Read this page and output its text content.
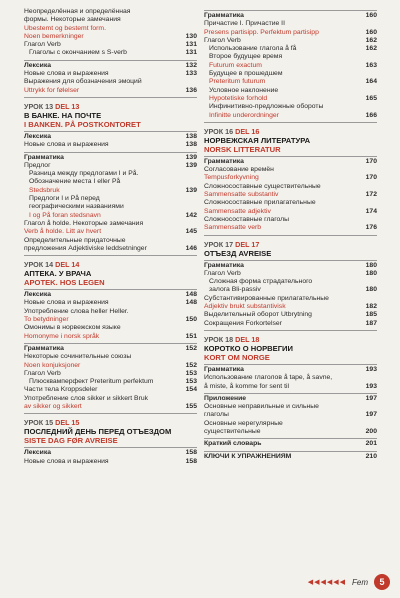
Неопределённая и определённая
формы. Некоторые замечания
Ubestemt og bestemt form.
Noen bemerkninger	130
Глагол Verb	131
Глаголы с окончанием s S-verb	131
Лексика	132
Новые слова и выражения	133
Выражения для обозначения эмоций
Uttrykk for følelser	136
УРОК 13 DEL 13
В БАНКЕ. НА ПОЧТЕ
I BANKEN. PÅ POSTKONTORET
Лексика	138
Новые слова и выражения	138
Грамматика	139
Предлог	139
Разница между предлогами I и På.
Обозначение места I eller På
Stedsbruk	139
Предлоги I и På перед
географическими названиями
I og På foran stedsnavn	142
Глагол å holde. Некоторые замечания
Verb å holde. Litt av hvert	145
Определительные придаточные
предложения Adjektiviske leddsetninger	146
УРОК 14 DEL 14
АПТЕКА. У ВРАЧА
APOTEK. HOS LEGEN
Лексика	148
Новые слова и выражения	148
Употребление слова heller Heller.
To betydninger	150
Омонимы в норвежском языке
Homonyme i norsk språk	151
Грамматика	152
Некоторые сочинительные союзы
Noen konjuksjoner	152
Глагол Verb	153
Плюсквамперфект Preteritum perfektum	153
Части тела Kroppsdeler	154
Употребление слов sikker и sikkert Bruk
av sikker og sikkert	155
УРОК 15 DEL 15
ПОСЛЕДНИЙ ДЕНЬ ПЕРЕД ОТЪЕЗДОМ
SISTE DAG FØR AVREISE
Лексика	158
Новые слова и выражения	158
Грамматика	160
Причастие I. Причастие II
Presens partisipp. Perfektum partisipp	160
Глагол Verb	162
Использование глагола å få	162
Второе будущее время
Futurum exactum	163
Будущее в прошедшем
Preteritum futurum	164
Условное наклонение
Hypotetiske forhold	165
Инфинитивно-предложные обороты
Infinitte underordninger	166
УРОК 16 DEL 16
НОРВЕЖСКАЯ ЛИТЕРАТУРА
NORSK LITTERATUR
Грамматика	170
Согласование времён
Tempusforkyvning	170
Сложносоставные существительные
Sammensatte substantiv	172
Сложносоставные прилагательные
Sammensatte adjektiv	174
Сложносоставные глаголы
Sammensatte verb	176
УРОК 17 DEL 17
ОТЪЕЗД AVREISE
Грамматика	180
Глагол Verb	180
Сложная форма страдательного
залога Bli-passiv	180
Субстантивированные прилагательные
Adjektiv brukt substantivisk	182
Выделительный оборот Utbrytning	185
Сокращения Forkortelser	187
УРОК 18 DEL 18
КОРОТКО О НОРВЕГИИ
KORT OM NORGE
Грамматика	193
Использование глаголов å tape, å savne,
å miste, å komme for sent til	193
Приложение	197
Основные неправильные и сильные
глаголы	197
Основные нерегулярные
существительные	200
Краткий словарь	201
КЛЮЧИ К УПРАЖНЕНИЯМ	210
◀◀◀◀◀◀ Fem	5
